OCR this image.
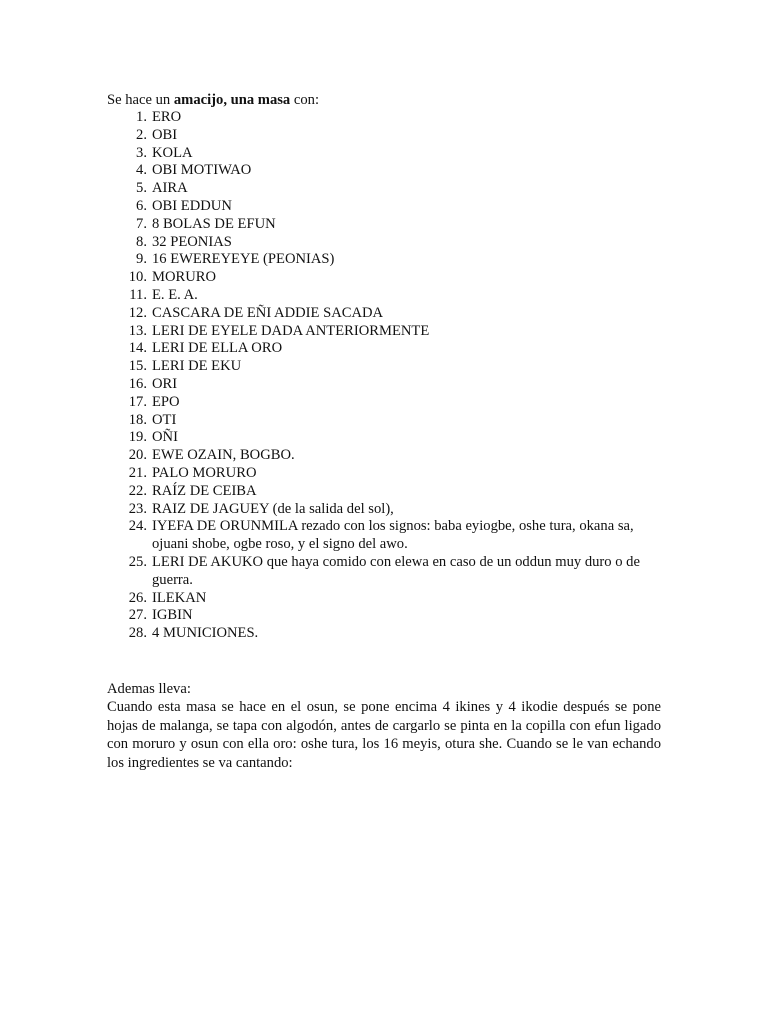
Se hace un amacijo, una masa con:
1. ERO
2. OBI
3. KOLA
4. OBI MOTIWAO
5. AIRA
6. OBI EDDUN
7. 8 BOLAS DE EFUN
8. 32 PEONIAS
9. 16 EWEREYEYE (PEONIAS)
10. MORURO
11. E. E. A.
12. CASCARA DE EÑI ADDIE SACADA
13. LERI DE EYELE DADA ANTERIORMENTE
14. LERI DE ELLA ORO
15. LERI DE EKU
16. ORI
17. EPO
18. OTI
19. OÑI
20. EWE OZAIN, BOGBO.
21. PALO MORURO
22. RAÍZ DE CEIBA
23. RAIZ DE JAGUEY (de la salida del sol),
24. IYEFA DE ORUNMILA rezado con los signos: baba eyiogbe, oshe tura, okana sa, ojuani shobe, ogbe roso, y el signo del awo.
25. LERI DE AKUKO que haya comido con elewa en caso de un oddun muy duro o de guerra.
26. ILEKAN
27. IGBIN
28. 4 MUNICIONES.
Ademas lleva:
Cuando esta masa se hace en el osun, se pone encima 4 ikines y 4 ikodie después se pone hojas de malanga, se tapa con algodón, antes de cargarlo se pinta en la copilla con efun ligado con moruro y osun con ella oro: oshe tura, los 16 meyis, otura she. Cuando se le van echando los ingredientes se va cantando:
